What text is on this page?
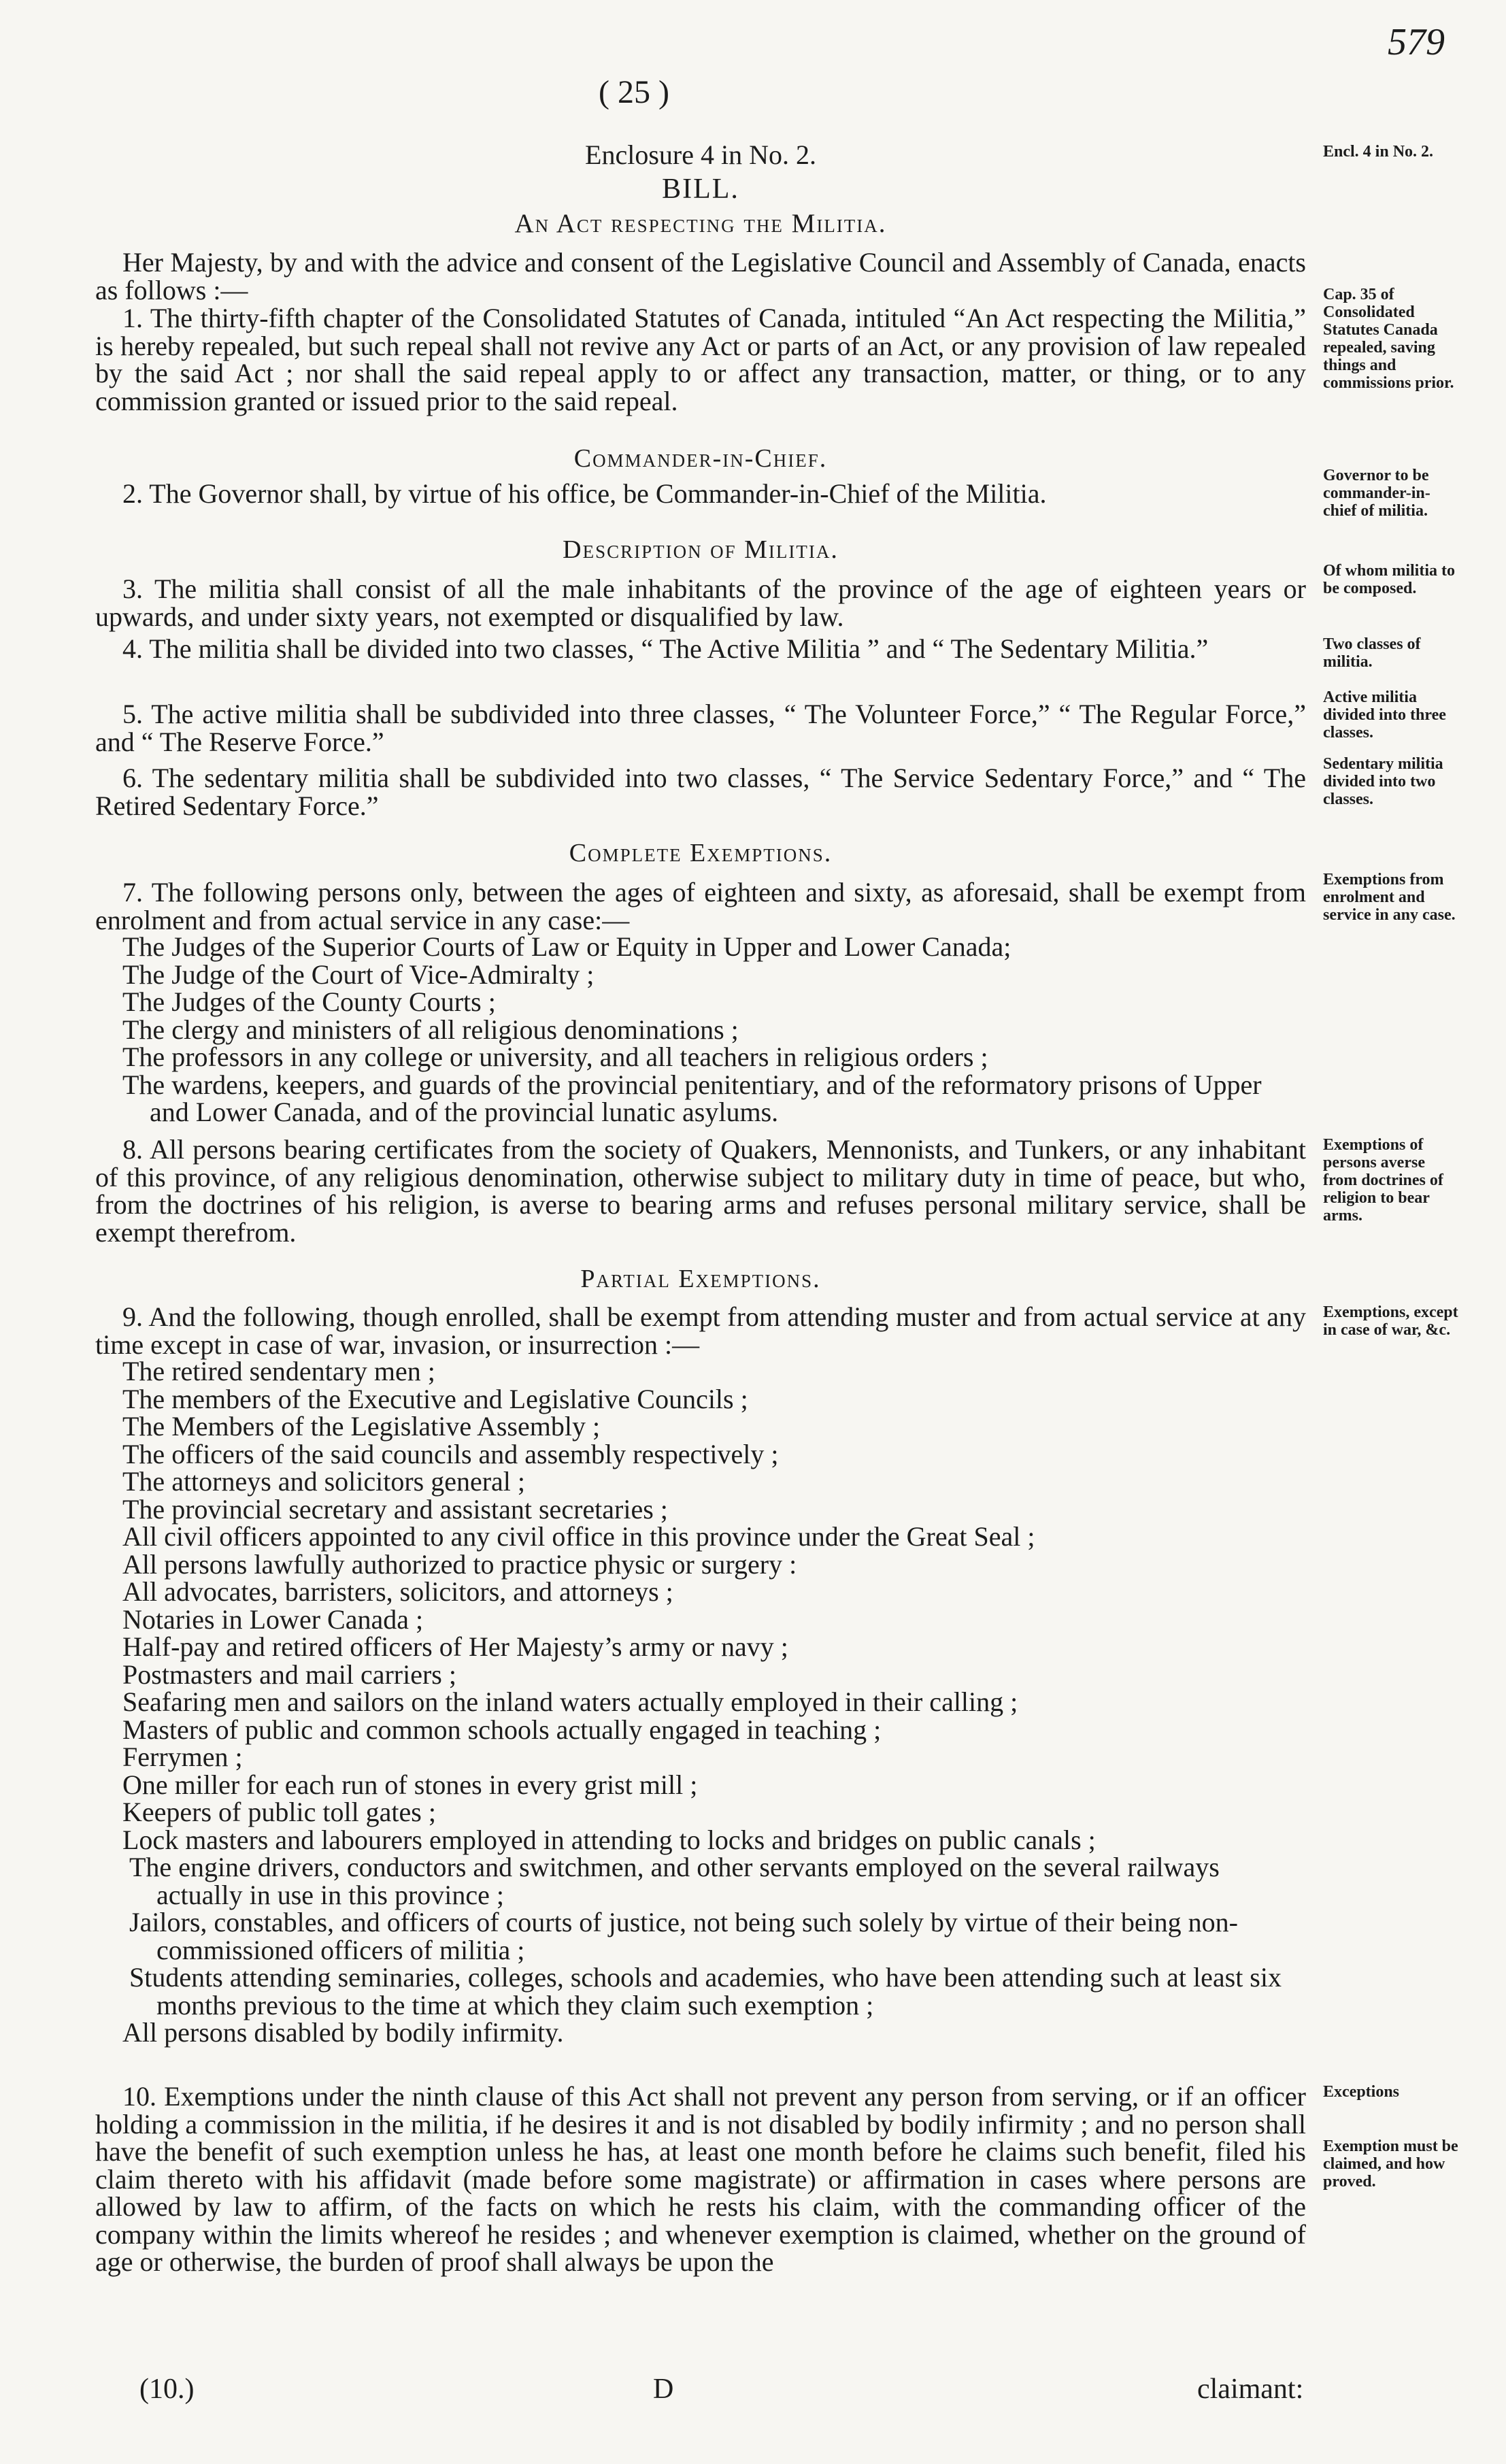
579
( 25 )
Enclosure 4 in No. 2.
BILL.
An Act respecting the Militia.

Her Majesty, by and with the advice and consent of the Legislative Council and Assembly of Canada, enacts as follows :—

1. The thirty-fifth chapter of the Consolidated Statutes of Canada, intituled “An Act respecting the Militia,” is hereby repealed, but such repeal shall not revive any Act or parts of an Act, or any provision of law repealed by the said Act ; nor shall the said repeal apply to or affect any transaction, matter, or thing, or to any commission granted or issued prior to the said repeal.

Commander-in-Chief.

2. The Governor shall, by virtue of his office, be Commander-in-Chief of the Militia.

Description of Militia.

3. The militia shall consist of all the male inhabitants of the province of the age of eighteen years or upwards, and under sixty years, not exempted or disqualified by law.

4. The militia shall be divided into two classes, “ The Active Militia ” and “ The Sedentary Militia.”

5. The active militia shall be subdivided into three classes, “ The Volunteer Force,” “ The Regular Force,” and “ The Reserve Force.”

6. The sedentary militia shall be subdivided into two classes, “ The Service Sedentary Force,” and “ The Retired Sedentary Force.”

Complete Exemptions.

7. The following persons only, between the ages of eighteen and sixty, as aforesaid, shall be exempt from enrolment and from actual service in any case:—

The Judges of the Superior Courts of Law or Equity in Upper and Lower Canada;
The Judge of the Court of Vice-Admiralty ;
The Judges of the County Courts ;
The clergy and ministers of all religious denominations ;
The professors in any college or university, and all teachers in religious orders ;
The wardens, keepers, and guards of the provincial penitentiary, and of the reformatory prisons of Upper and Lower Canada, and of the provincial lunatic asylums.

8. All persons bearing certificates from the society of Quakers, Mennonists, and Tunkers, or any inhabitant of this province, of any religious denomination, otherwise subject to military duty in time of peace, but who, from the doctrines of his religion, is averse to bearing arms and refuses personal military service, shall be exempt therefrom.

Partial Exemptions.

9. And the following, though enrolled, shall be exempt from attending muster and from actual service at any time except in case of war, invasion, or insurrection :—

The retired sendentary men ;
The members of the Executive and Legislative Councils ;
The Members of the Legislative Assembly ;
The officers of the said councils and assembly respectively ;
The attorneys and solicitors general ;
The provincial secretary and assistant secretaries ;
All civil officers appointed to any civil office in this province under the Great Seal ;
All persons lawfully authorized to practice physic or surgery :
All advocates, barristers, solicitors, and attorneys ;
Notaries in Lower Canada ;
Half-pay and retired officers of Her Majesty’s army or navy ;
Postmasters and mail carriers ;
Seafaring men and sailors on the inland waters actually employed in their calling ;
Masters of public and common schools actually engaged in teaching ;
Ferrymen ;
One miller for each run of stones in every grist mill ;
Keepers of public toll gates ;
Lock masters and labourers employed in attending to locks and bridges on public canals ;
The engine drivers, conductors and switchmen, and other servants employed on the several railways actually in use in this province ;
Jailors, constables, and officers of courts of justice, not being such solely by virtue of their being non-commissioned officers of militia ;
Students attending seminaries, colleges, schools and academies, who have been attending such at least six months previous to the time at which they claim such exemption ;
All persons disabled by bodily infirmity.

10. Exemptions under the ninth clause of this Act shall not prevent any person from serving, or if an officer holding a commission in the militia, if he desires it and is not disabled by bodily infirmity ; and no person shall have the benefit of such exemption unless he has, at least one month before he claims such benefit, filed his claim thereto with his affidavit (made before some magistrate) or affirmation in cases where persons are allowed by law to affirm, of the facts on which he rests his claim, with the commanding officer of the company within the limits whereof he resides ; and whenever exemption is claimed, whether on the ground of age or otherwise, the burden of proof shall always be upon the

Encl. 4 in No. 2.
Cap. 35 of Consolidated Statutes Canada repealed, saving things and commissions prior.
Governor to be commander-in-chief of militia.
Of whom militia to be composed.
Two classes of militia.
Active militia divided into three classes.
Sedentary militia divided into two classes.
Exemptions from enrolment and service in any case.
Exemptions of persons averse from doctrines of religion to bear arms.
Exemptions, except in case of war, &c.
Exceptions
Exemption must be claimed, and how proved.
(10.)	D	claimant:
